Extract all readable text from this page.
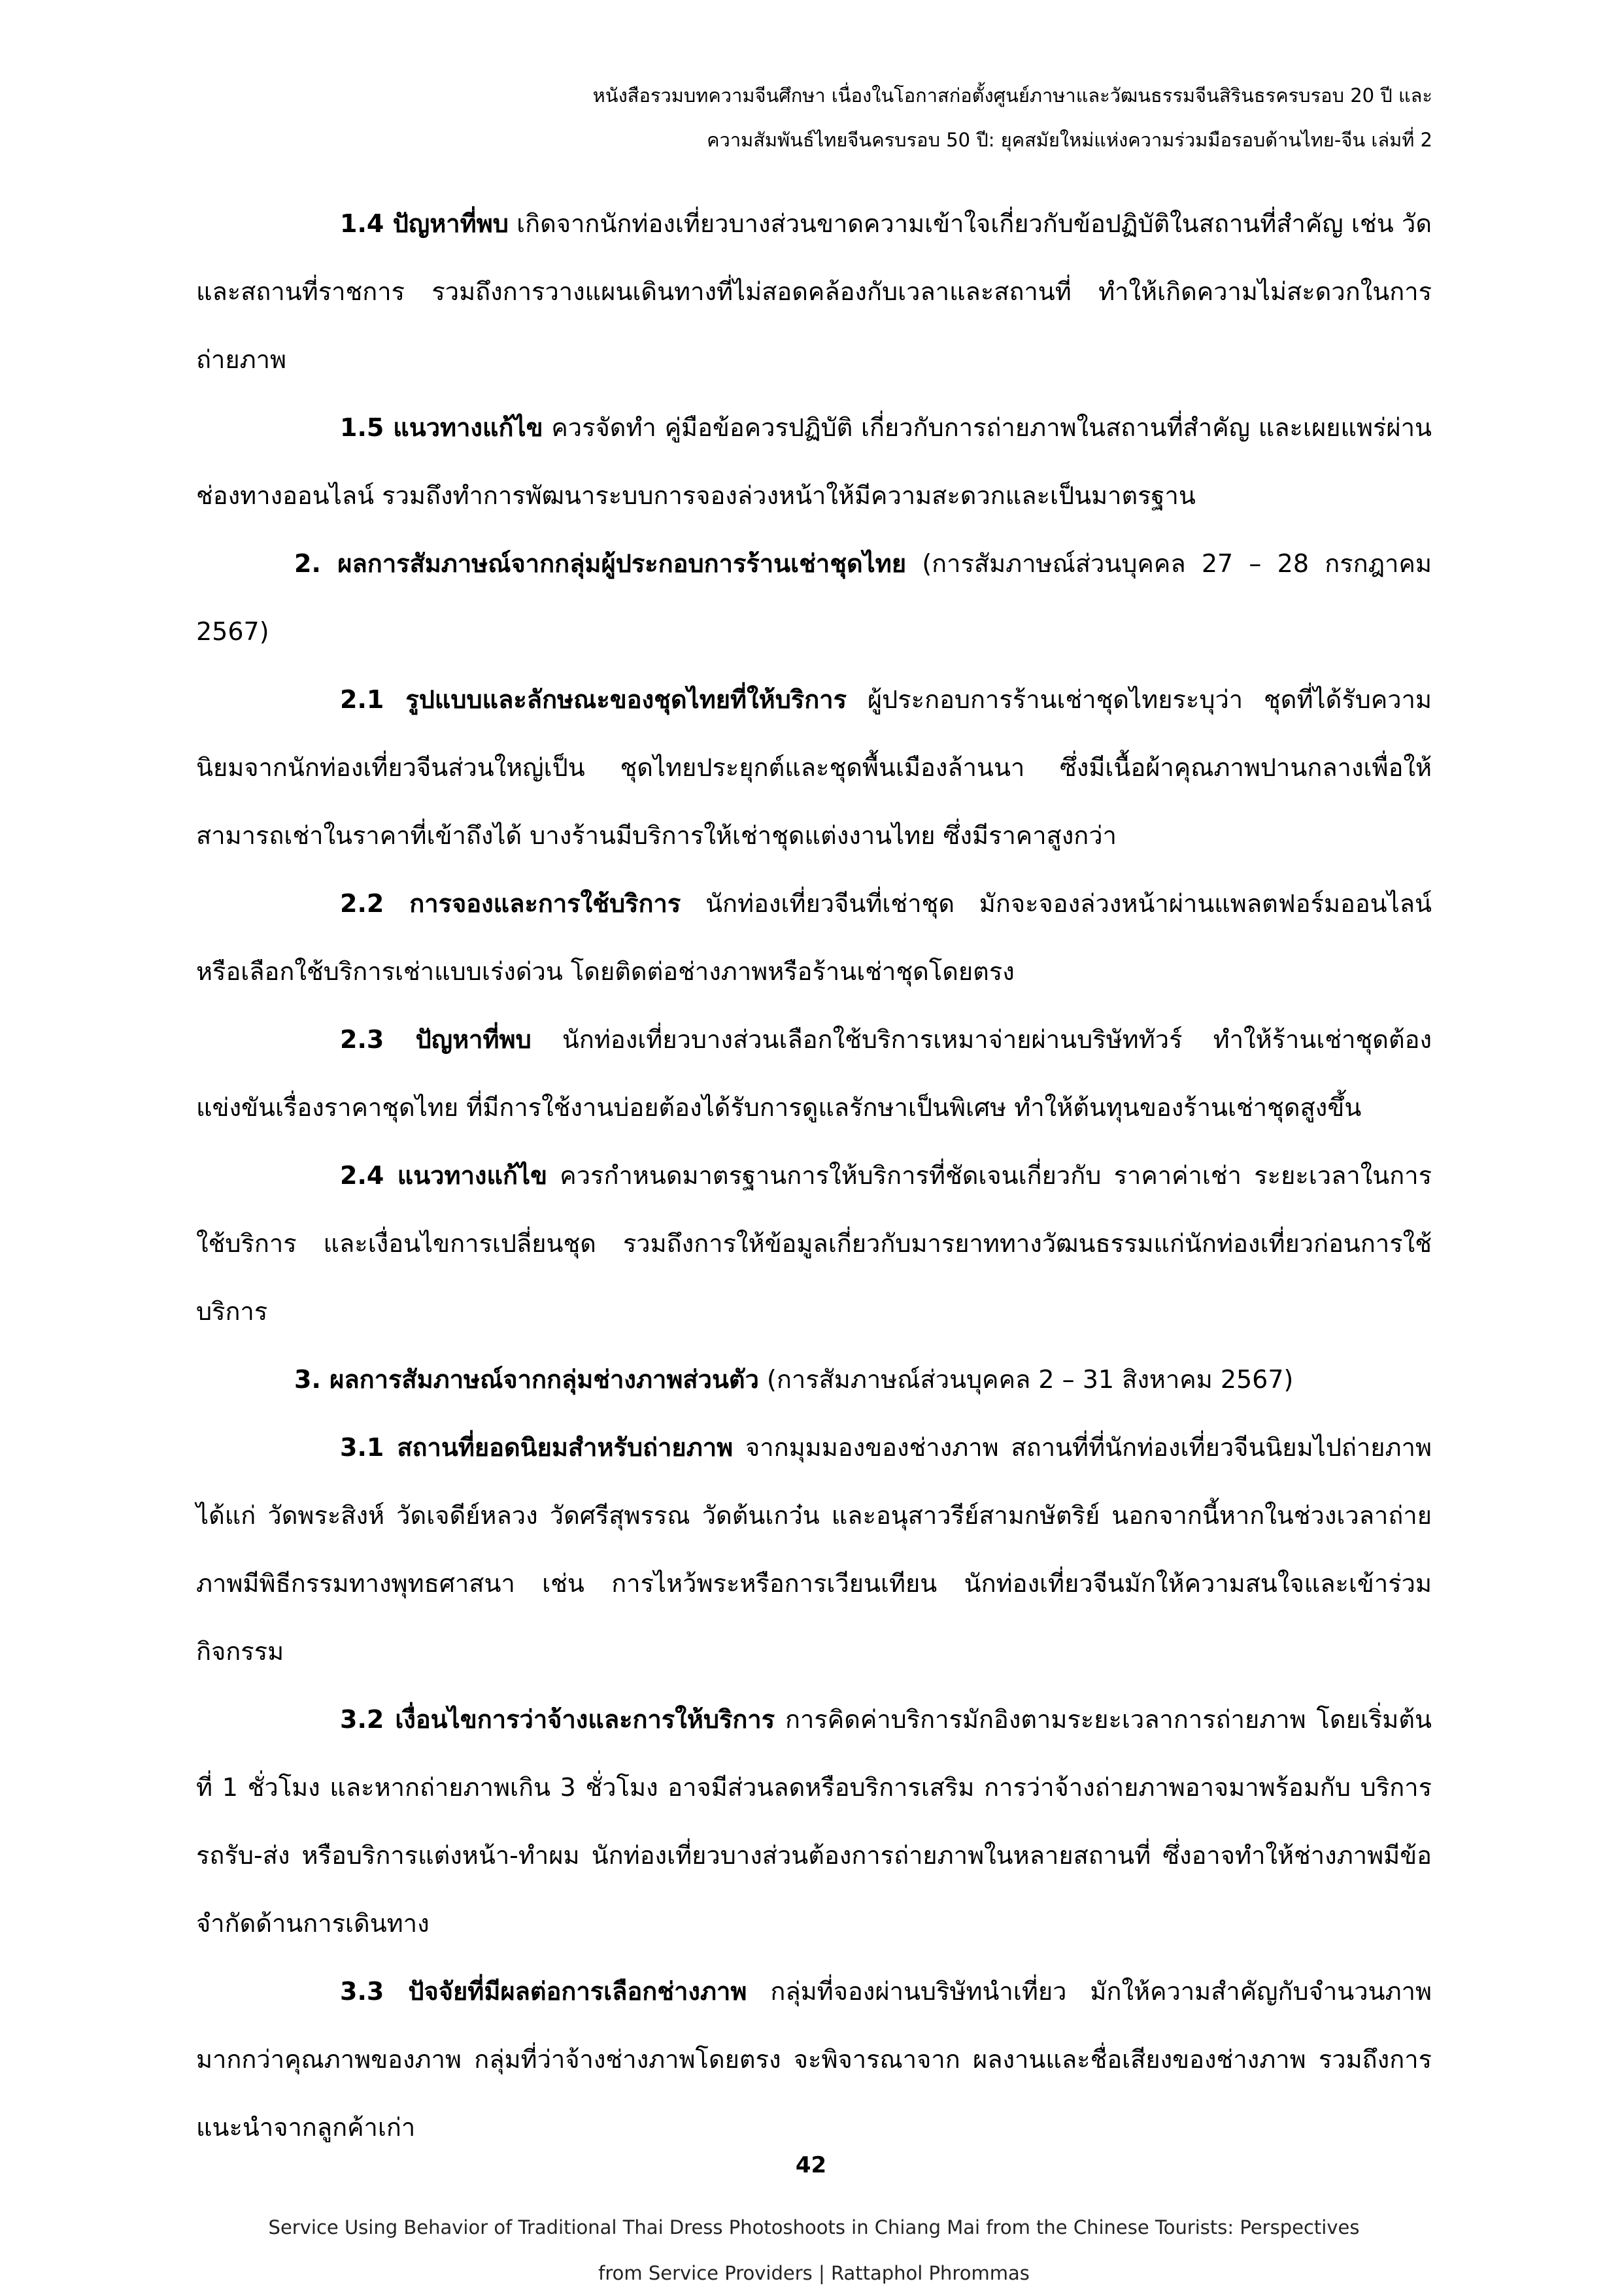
หนังสือรวมบทความจีนศึกษา เนื่องในโอกาสก่อตั้งศูนย์ภาษาและวัฒนธรรมจีนสิรินธรครบรอบ 20 ปี และ
ความสัมพันธ์ไทยจีนครบรอบ 50 ปี: ยุคสมัยใหม่แห่งความร่วมมือรอบด้านไทย-จีน เล่มที่ 2

1.4 ปัญหาที่พบ เกิดจากนักท่องเที่ยวบางส่วนขาดความเข้าใจเกี่ยวกับข้อปฏิบัติในสถานที่สำคัญ เช่น วัดและสถานที่ราชการ รวมถึงการวางแผนเดินทางที่ไม่สอดคล้องกับเวลาและสถานที่ ทำให้เกิดความไม่สะดวกในการถ่ายภาพ

1.5 แนวทางแก้ไข ควรจัดทำ คู่มือข้อควรปฏิบัติ เกี่ยวกับการถ่ายภาพในสถานที่สำคัญ และเผยแพร่ผ่านช่องทางออนไลน์ รวมถึงทำการพัฒนาระบบการจองล่วงหน้าให้มีความสะดวกและเป็นมาตรฐาน

2. ผลการสัมภาษณ์จากกลุ่มผู้ประกอบการร้านเช่าชุดไทย (การสัมภาษณ์ส่วนบุคคล 27 – 28 กรกฎาคม 2567)

2.1 รูปแบบและลักษณะของชุดไทยที่ให้บริการ ผู้ประกอบการร้านเช่าชุดไทยระบุว่า ชุดที่ได้รับความนิยมจากนักท่องเที่ยวจีนส่วนใหญ่เป็น ชุดไทยประยุกต์และชุดพื้นเมืองล้านนา ซึ่งมีเนื้อผ้าคุณภาพปานกลางเพื่อให้สามารถเช่าในราคาที่เข้าถึงได้ บางร้านมีบริการให้เช่าชุดแต่งงานไทย ซึ่งมีราคาสูงกว่า

2.2 การจองและการใช้บริการ นักท่องเที่ยวจีนที่เช่าชุด มักจะจองล่วงหน้าผ่านแพลตฟอร์มออนไลน์ หรือเลือกใช้บริการเช่าแบบเร่งด่วน โดยติดต่อช่างภาพหรือร้านเช่าชุดโดยตรง

2.3 ปัญหาที่พบ นักท่องเที่ยวบางส่วนเลือกใช้บริการเหมาจ่ายผ่านบริษัททัวร์ ทำให้ร้านเช่าชุดต้องแข่งขันเรื่องราคาชุดไทย ที่มีการใช้งานบ่อยต้องได้รับการดูแลรักษาเป็นพิเศษ ทำให้ต้นทุนของร้านเช่าชุดสูงขึ้น

2.4 แนวทางแก้ไข ควรกำหนดมาตรฐานการให้บริการที่ชัดเจนเกี่ยวกับ ราคาค่าเช่า ระยะเวลาในการใช้บริการ และเงื่อนไขการเปลี่ยนชุด รวมถึงการให้ข้อมูลเกี่ยวกับมารยาททางวัฒนธรรมแก่นักท่องเที่ยวก่อนการใช้บริการ

3. ผลการสัมภาษณ์จากกลุ่มช่างภาพส่วนตัว (การสัมภาษณ์ส่วนบุคคล 2 – 31 สิงหาคม 2567)

3.1 สถานที่ยอดนิยมสำหรับถ่ายภาพ จากมุมมองของช่างภาพ สถานที่ที่นักท่องเที่ยวจีนนิยมไปถ่ายภาพ ได้แก่ วัดพระสิงห์ วัดเจดีย์หลวง วัดศรีสุพรรณ วัดต้นเกว๋น และอนุสาวรีย์สามกษัตริย์ นอกจากนี้หากในช่วงเวลาถ่ายภาพมีพิธีกรรมทางพุทธศาสนา เช่น การไหว้พระหรือการเวียนเทียน นักท่องเที่ยวจีนมักให้ความสนใจและเข้าร่วมกิจกรรม

3.2 เงื่อนไขการว่าจ้างและการให้บริการ การคิดค่าบริการมักอิงตามระยะเวลาการถ่ายภาพ โดยเริ่มต้นที่ 1 ชั่วโมง และหากถ่ายภาพเกิน 3 ชั่วโมง อาจมีส่วนลดหรือบริการเสริม การว่าจ้างถ่ายภาพอาจมาพร้อมกับ บริการรถรับ-ส่ง หรือบริการแต่งหน้า-ทำผม นักท่องเที่ยวบางส่วนต้องการถ่ายภาพในหลายสถานที่ ซึ่งอาจทำให้ช่างภาพมีข้อจำกัดด้านการเดินทาง

3.3 ปัจจัยที่มีผลต่อการเลือกช่างภาพ กลุ่มที่จองผ่านบริษัทนำเที่ยว มักให้ความสำคัญกับจำนวนภาพมากกว่าคุณภาพของภาพ กลุ่มที่ว่าจ้างช่างภาพโดยตรง จะพิจารณาจาก ผลงานและชื่อเสียงของช่างภาพ รวมถึงการแนะนำจากลูกค้าเก่า

42
Service Using Behavior of Traditional Thai Dress Photoshoots in Chiang Mai from the Chinese Tourists: Perspectives
from Service Providers | Rattaphol Phrommas
